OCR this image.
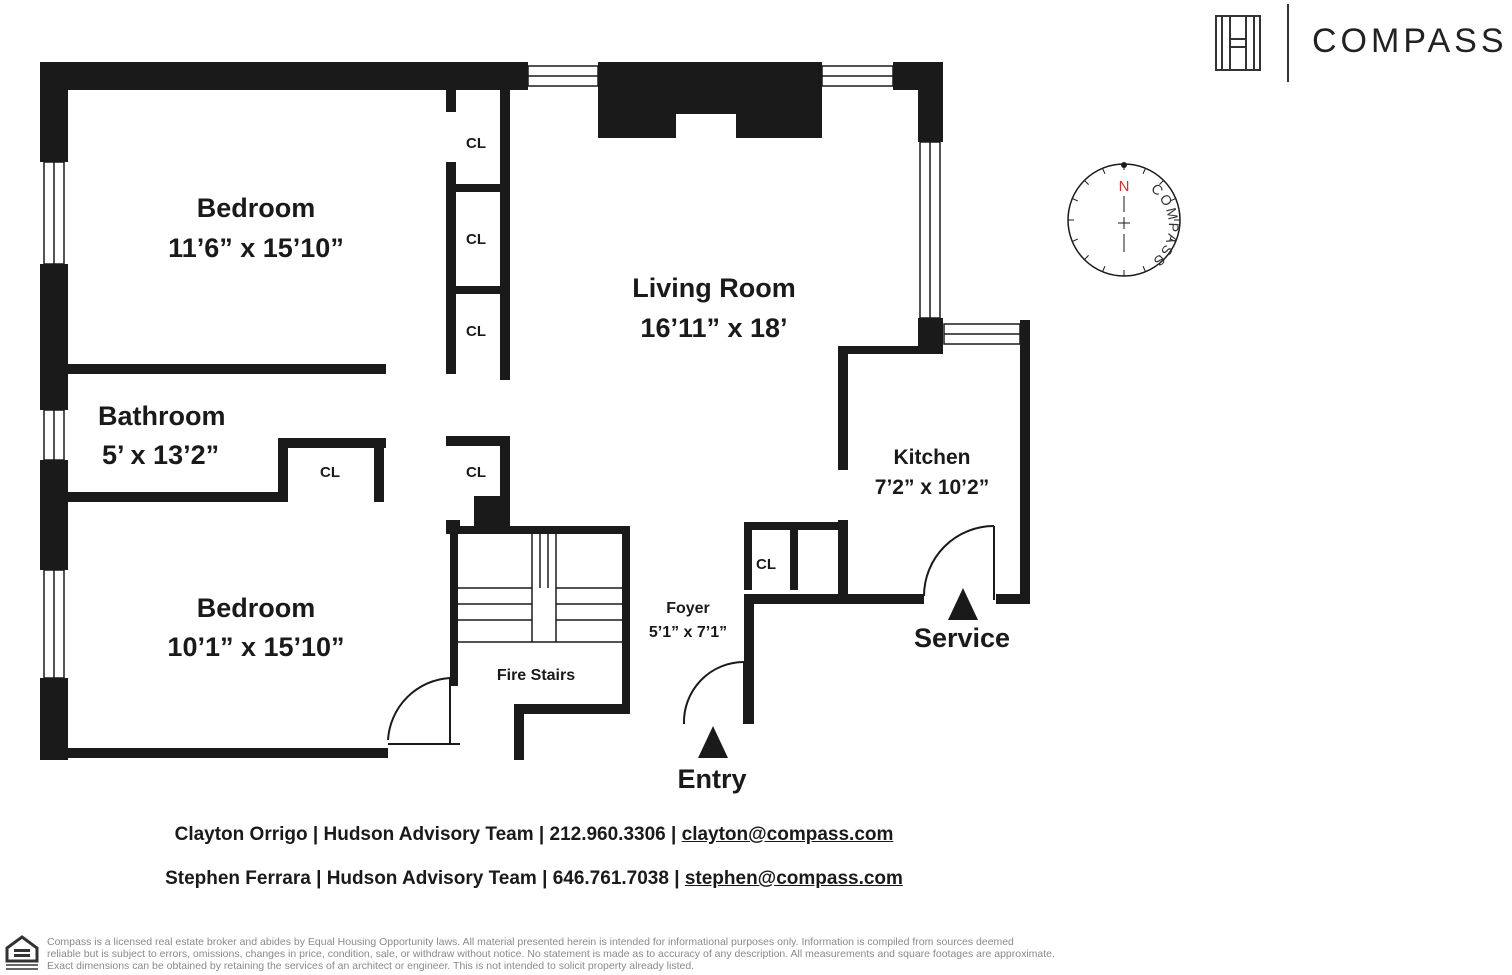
COMPASS
Bedroom
11’6” x 15’10”
Living Room
16’11” x 18’
Bathroom
5’ x 13’2”	Kitchen
7’2” x 10’2”
Bedroom
10’1” x 15’10”
Foyer
5’1” x 7’1”
Fire Stairs
CL
CL
CL
CL	CL
CL
Entry
Service
N COMPASS
Clayton Orrigo | Hudson Advisory Team | 212.960.3306 | clayton@compass.com
Stephen Ferrara | Hudson Advisory Team | 646.761.7038 | stephen@compass.com
Compass is a licensed real estate broker and abides by Equal Housing Opportunity laws. All material presented herein is intended for informational purposes only. Information is compiled from sources deemed
reliable but is subject to errors, omissions, changes in price, condition, sale, or withdraw without notice. No statement is made as to accuracy of any description. All measurements and square footages are approximate.
Exact dimensions can be obtained by retaining the services of an architect or engineer. This is not intended to solicit property already listed.
